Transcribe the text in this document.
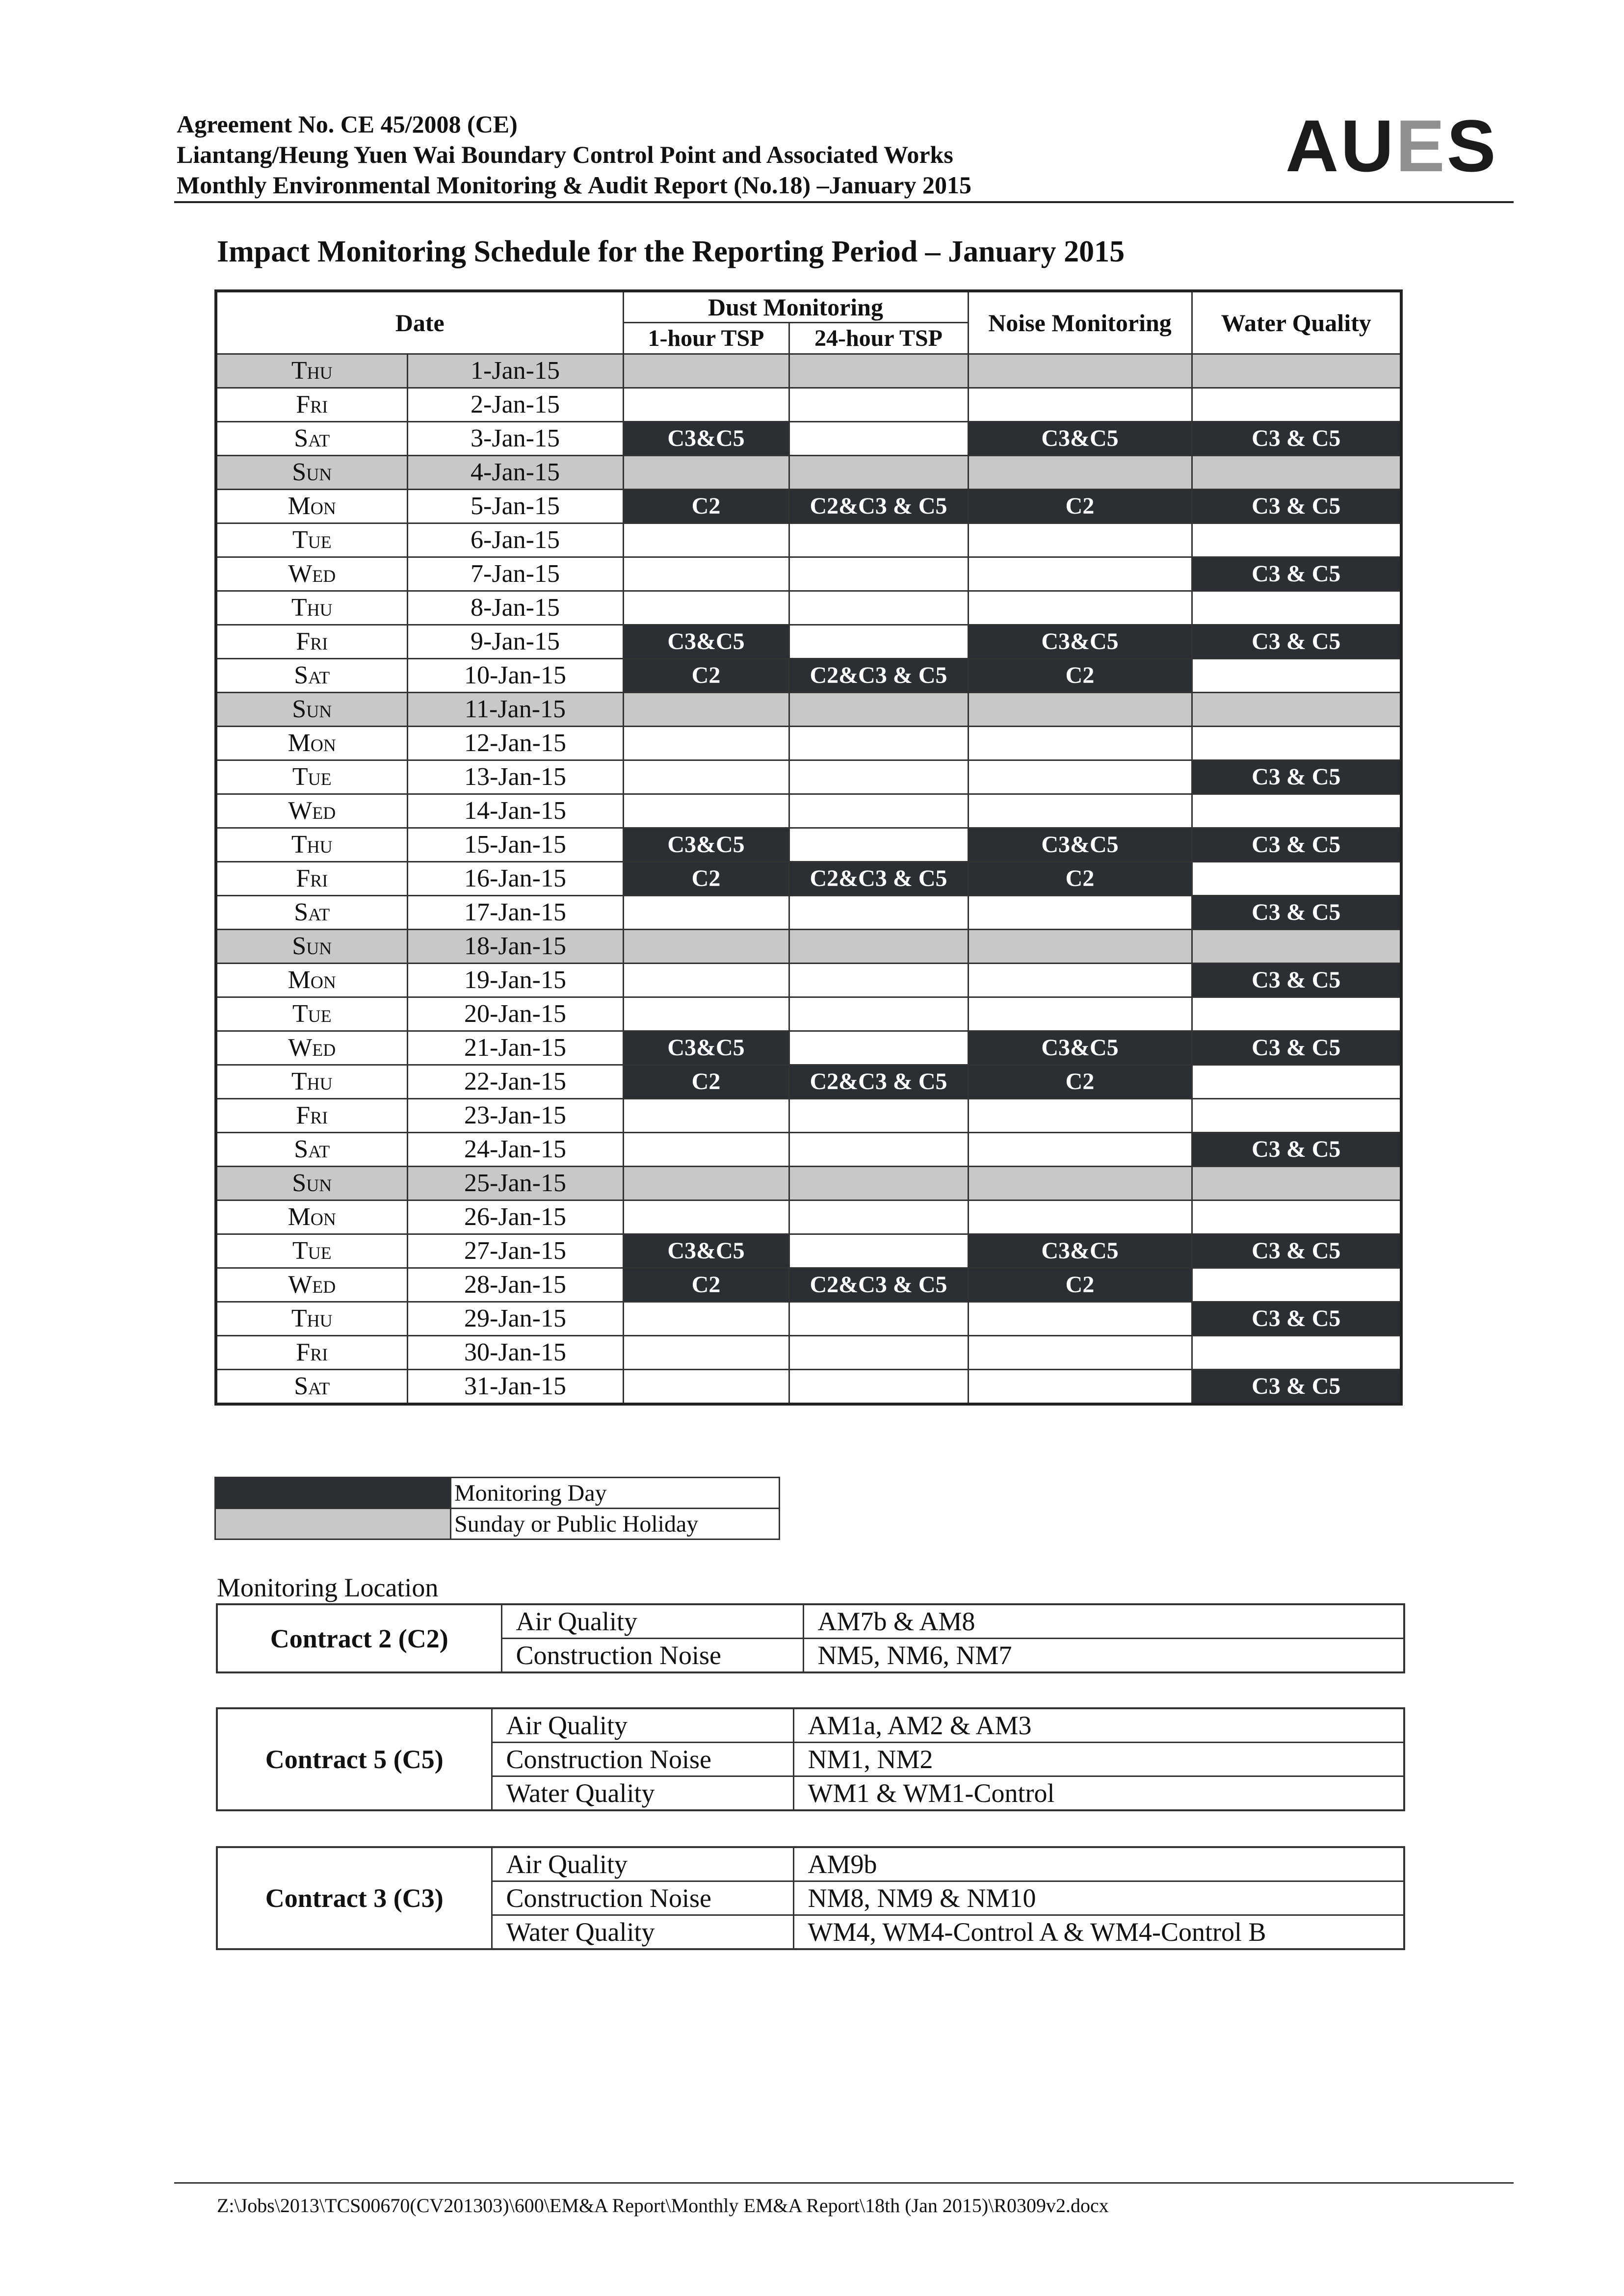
Agreement No. CE 45/2008 (CE)
Liantang/Heung Yuen Wai Boundary Control Point and Associated Works
Monthly Environmental Monitoring & Audit Report (No.18) –January 2015	AUES
Impact Monitoring Schedule for the Reporting Period – January 2015
Date		Dust Monitoring		Noise Monitoring	Water Quality
		1-hour TSP	24-hour TSP		
Thu	1-Jan-15				
Fri	2-Jan-15				
Sat	3-Jan-15	C3&C5		C3&C5	C3 & C5
Sun	4-Jan-15				
Mon	5-Jan-15	C2	C2&C3 & C5	C2	C3 & C5
Tue	6-Jan-15				
Wed	7-Jan-15				C3 & C5
Thu	8-Jan-15				
Fri	9-Jan-15	C3&C5		C3&C5	C3 & C5
Sat	10-Jan-15	C2	C2&C3 & C5	C2	
Sun	11-Jan-15				
Mon	12-Jan-15				
Tue	13-Jan-15				C3 & C5
Wed	14-Jan-15				
Thu	15-Jan-15	C3&C5		C3&C5	C3 & C5
Fri	16-Jan-15	C2	C2&C3 & C5	C2	
Sat	17-Jan-15				C3 & C5
Sun	18-Jan-15				
Mon	19-Jan-15				C3 & C5
Tue	20-Jan-15				
Wed	21-Jan-15	C3&C5		C3&C5	C3 & C5
Thu	22-Jan-15	C2	C2&C3 & C5	C2	
Fri	23-Jan-15				
Sat	24-Jan-15				C3 & C5
Sun	25-Jan-15				
Mon	26-Jan-15				
Tue	27-Jan-15	C3&C5		C3&C5	C3 & C5
Wed	28-Jan-15	C2	C2&C3 & C5	C2	
Thu	29-Jan-15				C3 & C5
Fri	30-Jan-15				
Sat	31-Jan-15				C3 & C5
	Monitoring Day
	Sunday or Public Holiday
Monitoring Location
Contract 2 (C2)	Air Quality	AM7b & AM8
	Construction Noise	NM5, NM6, NM7
Contract 5 (C5)	Air Quality	AM1a, AM2 & AM3
	Construction Noise	NM1, NM2
	Water Quality	WM1 & WM1-Control
Contract 3 (C3)	Air Quality	AM9b
	Construction Noise	NM8, NM9 & NM10
	Water Quality	WM4, WM4-Control A & WM4-Control B
Z:\Jobs\2013\TCS00670(CV201303)\600\EM&A Report\Monthly EM&A Report\18th (Jan 2015)\R0309v2.docx
